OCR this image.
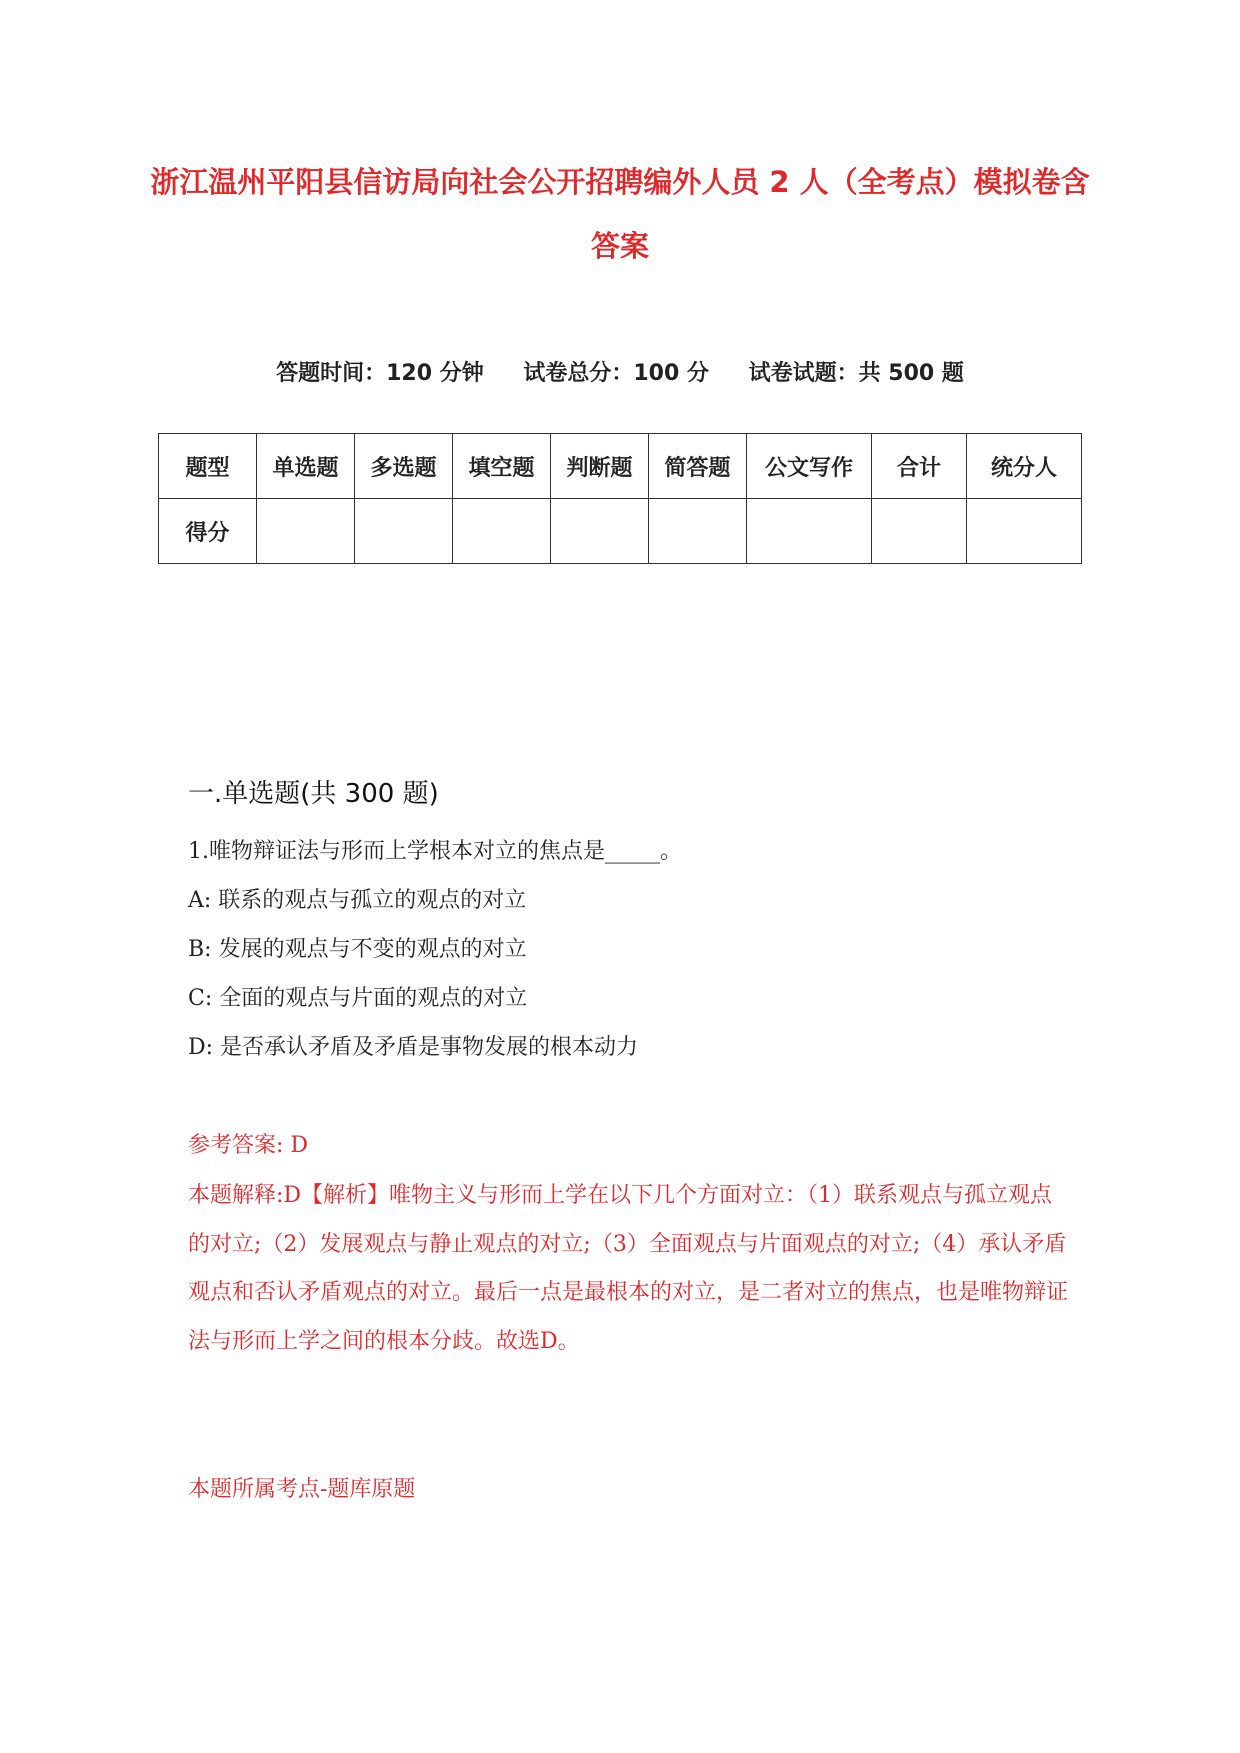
浙江温州平阳县信访局向社会公开招聘编外人员 2 人（全考点）模拟卷含答案
答题时间：120 分钟 试卷总分：100 分 试卷试题：共 500 题
题型	单选题	多选题	填空题	判断题	简答题	公文写作	合计	统分人
得分								
一.单选题(共 300 题)
1.唯物辩证法与形而上学根本对立的焦点是_____。
A: 联系的观点与孤立的观点的对立
B: 发展的观点与不变的观点的对立
C: 全面的观点与片面的观点的对立
D: 是否承认矛盾及矛盾是事物发展的根本动力
参考答案: D
本题解释:D【解析】唯物主义与形而上学在以下几个方面对立：（1）联系观点与孤立观点的对立;（2）发展观点与静止观点的对立;（3）全面观点与片面观点的对立;（4）承认矛盾观点和否认矛盾观点的对立。最后一点是最根本的对立，是二者对立的焦点，也是唯物辩证法与形而上学之间的根本分歧。故选D。
本题所属考点-题库原题
